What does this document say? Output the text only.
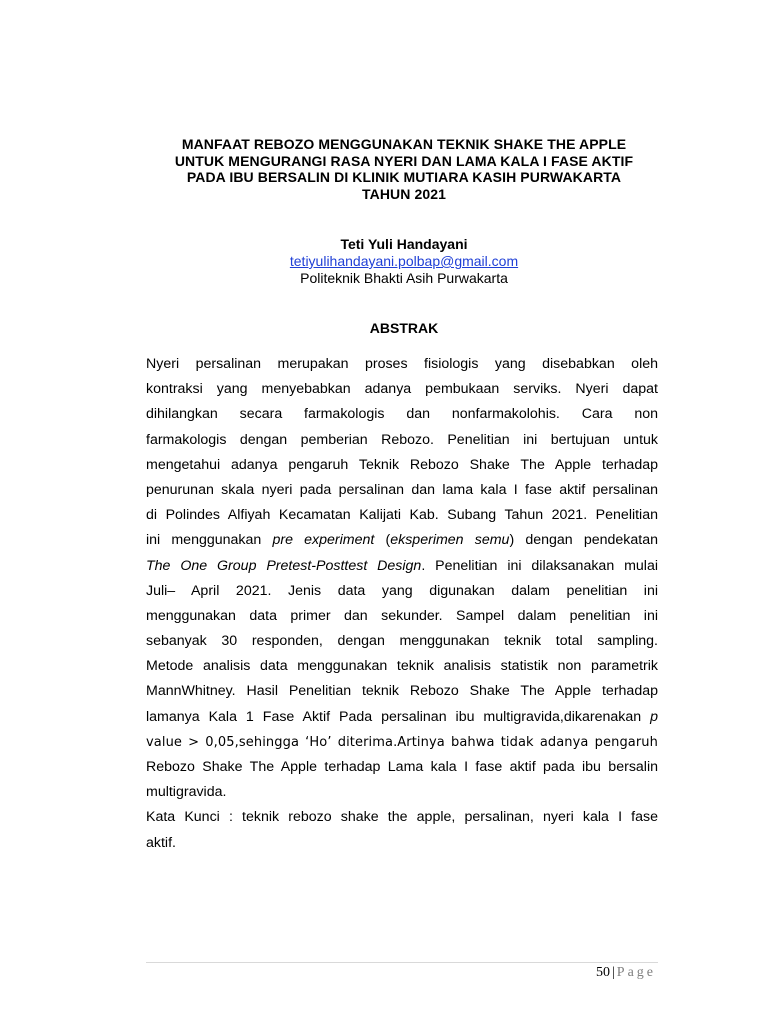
MANFAAT REBOZO MENGGUNAKAN TEKNIK SHAKE THE APPLE
UNTUK MENGURANGI RASA NYERI DAN LAMA KALA I FASE AKTIF
PADA IBU BERSALIN DI KLINIK MUTIARA KASIH PURWAKARTA
TAHUN 2021
Teti Yuli Handayani
tetiyulihandayani.polbap@gmail.com
Politeknik Bhakti Asih Purwakarta
ABSTRAK
Nyeri persalinan merupakan proses fisiologis yang disebabkan oleh
kontraksi yang menyebabkan adanya pembukaan serviks. Nyeri dapat
dihilangkan secara farmakologis dan nonfarmakolohis. Cara non
farmakologis dengan pemberian Rebozo. Penelitian ini bertujuan untuk
mengetahui adanya pengaruh Teknik Rebozo Shake The Apple terhadap
penurunan skala nyeri pada persalinan dan lama kala I fase aktif persalinan
di Polindes Alfiyah Kecamatan Kalijati Kab. Subang Tahun 2021. Penelitian
ini menggunakan pre experiment (eksperimen semu) dengan pendekatan
The One Group Pretest-Posttest Design. Penelitian ini dilaksanakan mulai
Juli– April 2021. Jenis data yang digunakan dalam penelitian ini
menggunakan data primer dan sekunder. Sampel dalam penelitian ini
sebanyak 30 responden, dengan menggunakan teknik total sampling.
Metode analisis data menggunakan teknik analisis statistik non parametrik
MannWhitney. Hasil Penelitian teknik Rebozo Shake The Apple terhadap
lamanya Kala 1 Fase Aktif Pada persalinan ibu multigravida,dikarenakan p
value > 0,05,sehingga ‘Ho’ diterima.Artinya bahwa tidak adanya pengaruh
Rebozo Shake The Apple terhadap Lama kala I fase aktif pada ibu bersalin
multigravida.
Kata Kunci : teknik rebozo shake the apple, persalinan, nyeri kala I fase
aktif.
50 | Page
